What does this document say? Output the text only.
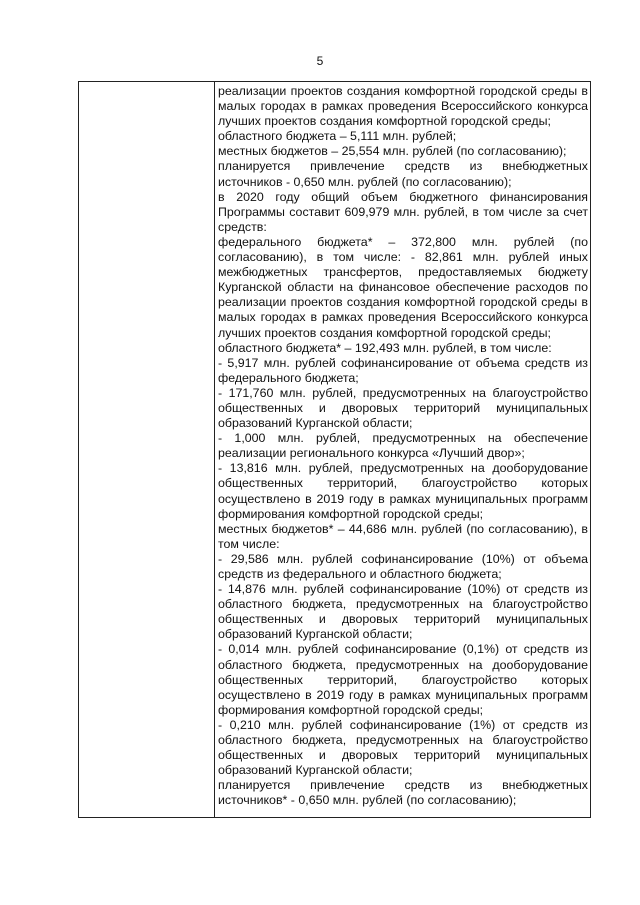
5

реализации проектов создания комфортной городской среды в малых городах в рамках проведения Всероссийского конкурса лучших проектов создания комфортной городской среды;

областного бюджета – 5,111 млн. рублей;

местных бюджетов – 25,554 млн. рублей (по согласованию);

планируется привлечение средств из внебюджетных источников - 0,650 млн. рублей (по согласованию);

в 2020 году общий объем бюджетного финансирования Программы составит 609,979 млн. рублей, в том числе за счет средств:

федерального бюджета* – 372,800 млн. рублей (по согласованию), в том числе: - 82,861 млн. рублей иных межбюджетных трансфертов, предоставляемых бюджету Курганской области на финансовое обеспечение расходов по реализации проектов создания комфортной городской среды в малых городах в рамках проведения Всероссийского конкурса лучших проектов создания комфортной городской среды;

областного бюджета* – 192,493 млн. рублей, в том числе:

- 5,917 млн. рублей софинансирование от объема средств из федерального бюджета;

- 171,760 млн. рублей, предусмотренных на благоустройство общественных и дворовых территорий муниципальных образований Курганской области;

- 1,000 млн. рублей, предусмотренных на обеспечение реализации регионального конкурса «Лучший двор»;

- 13,816 млн. рублей, предусмотренных на дооборудование общественных территорий, благоустройство которых осуществлено в 2019 году в рамках муниципальных программ формирования комфортной городской среды;

местных бюджетов* – 44,686 млн. рублей (по согласованию), в том числе:

- 29,586 млн. рублей софинансирование (10%) от объема средств из федерального и областного бюджета;

- 14,876 млн. рублей софинансирование (10%) от средств из областного бюджета, предусмотренных на благоустройство общественных и дворовых территорий муниципальных образований Курганской области;

- 0,014 млн. рублей софинансирование (0,1%) от средств из областного бюджета, предусмотренных на дооборудование общественных территорий, благоустройство которых осуществлено в 2019 году в рамках муниципальных программ формирования комфортной городской среды;

- 0,210 млн. рублей софинансирование (1%) от средств из областного бюджета, предусмотренных на благоустройство общественных и дворовых территорий муниципальных образований Курганской области;

планируется привлечение средств из внебюджетных источников* - 0,650 млн. рублей (по согласованию);
